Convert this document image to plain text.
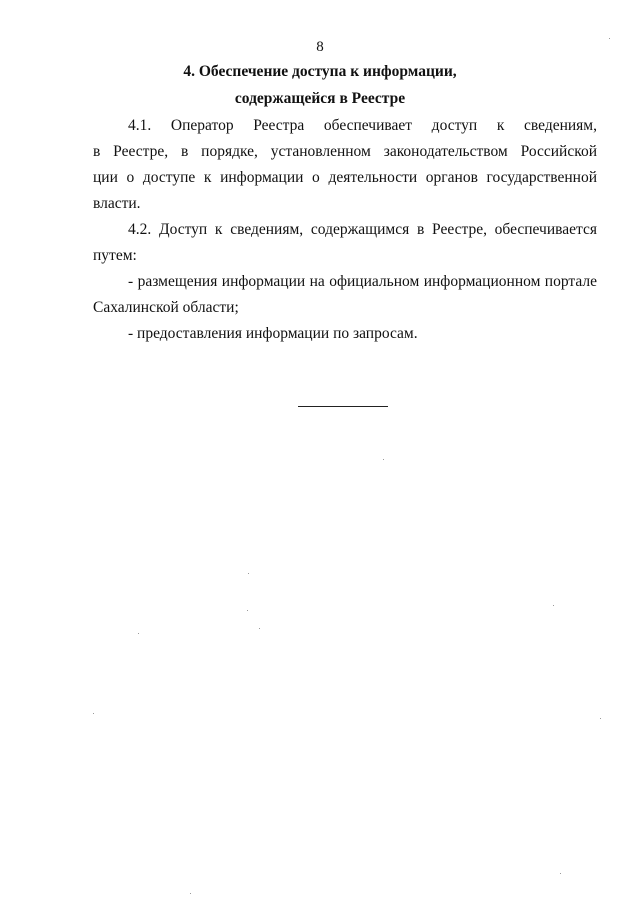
8
4. Обеспечение доступа к информации,
содержащейся в Реестре

4.1. Оператор Реестра обеспечивает доступ к сведениям,

в Реестре, в порядке, установленном законодательством Российской

ции о доступе к информации о деятельности органов государственной

власти.

4.2. Доступ к сведениям, содержащимся в Реестре, обеспечивается

путем:

- размещения информации на официальном информационном портале

Сахалинской области;

- предоставления информации по запросам.
